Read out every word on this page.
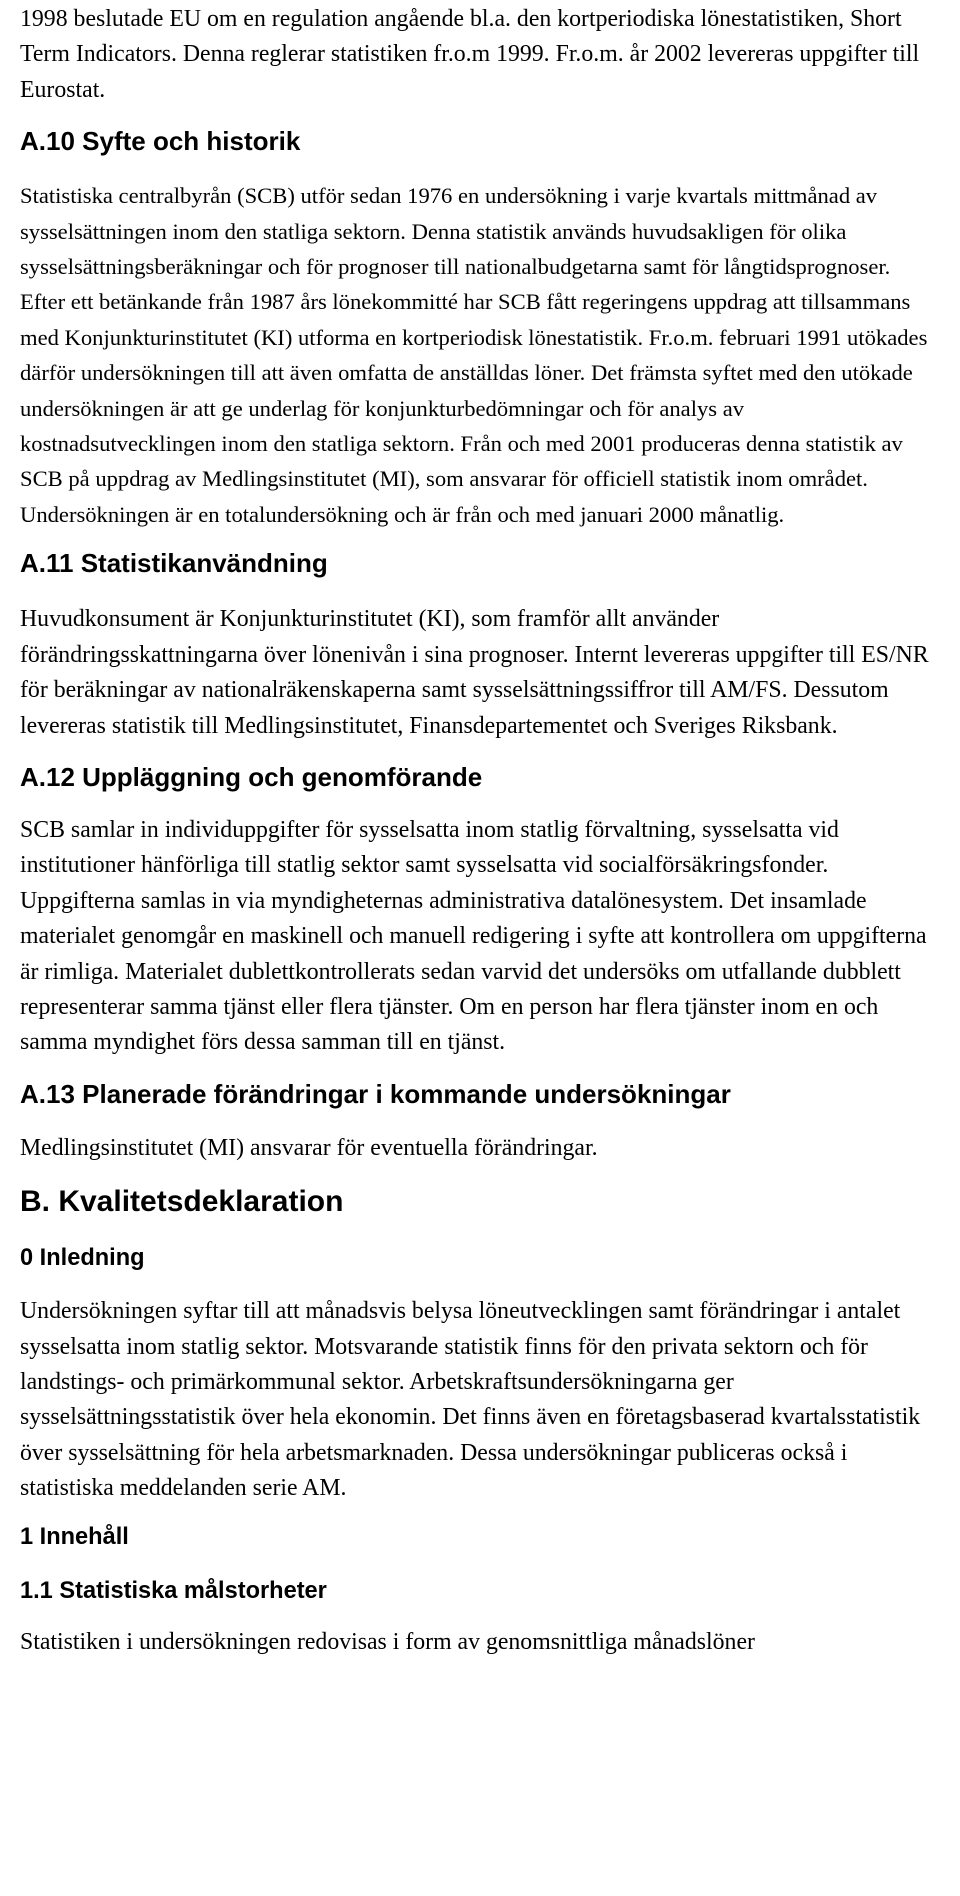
1998 beslutade EU om en regulation angående bl.a. den kortperiodiska lönestatistiken, Short Term Indicators. Denna reglerar statistiken fr.o.m 1999. Fr.o.m. år 2002 levereras uppgifter till Eurostat.

A.10 Syfte och historik

Statistiska centralbyrån (SCB) utför sedan 1976 en undersökning i varje kvartals mittmånad av sysselsättningen inom den statliga sektorn. Denna statistik används huvudsakligen för olika sysselsättningsberäkningar och för prognoser till nationalbudgetarna samt för långtidsprognoser. Efter ett betänkande från 1987 års lönekommitté har SCB fått regeringens uppdrag att tillsammans med Konjunkturinstitutet (KI) utforma en kortperiodisk lönestatistik. Fr.o.m. februari 1991 utökades därför undersökningen till att även omfatta de anställdas löner. Det främsta syftet med den utökade undersökningen är att ge underlag för konjunkturbedömningar och för analys av kostnadsutvecklingen inom den statliga sektorn. Från och med 2001 produceras denna statistik av SCB på uppdrag av Medlingsinstitutet (MI), som ansvarar för officiell statistik inom området. Undersökningen är en totalundersökning och är från och med januari 2000 månatlig.

A.11 Statistikanvändning

Huvudkonsument är Konjunkturinstitutet (KI), som framför allt använder förändringsskattningarna över lönenivån i sina prognoser. Internt levereras uppgifter till ES/NR för beräkningar av nationalräkenskaperna samt sysselsättningssiffror till AM/FS. Dessutom levereras statistik till Medlingsinstitutet, Finansdepartementet och Sveriges Riksbank.

A.12 Uppläggning och genomförande

SCB samlar in individuppgifter för sysselsatta inom statlig förvaltning, sysselsatta vid institutioner hänförliga till statlig sektor samt sysselsatta vid socialförsäkringsfonder. Uppgifterna samlas in via myndigheternas administrativa datalönesystem. Det insamlade materialet genomgår en maskinell och manuell redigering i syfte att kontrollera om uppgifterna är rimliga. Materialet dublettkontrollerats sedan varvid det undersöks om utfallande dubblett representerar samma tjänst eller flera tjänster. Om en person har flera tjänster inom en och samma myndighet förs dessa samman till en tjänst.

A.13 Planerade förändringar i kommande undersökningar

Medlingsinstitutet (MI) ansvarar för eventuella förändringar.

B. Kvalitetsdeklaration
0 Inledning

Undersökningen syftar till att månadsvis belysa löneutvecklingen samt förändringar i antalet sysselsatta inom statlig sektor. Motsvarande statistik finns för den privata sektorn och för landstings- och primärkommunal sektor. Arbetskraftsundersökningarna ger sysselsättningsstatistik över hela ekonomin. Det finns även en företagsbaserad kvartalsstatistik över sysselsättning för hela arbetsmarknaden. Dessa undersökningar publiceras också i statistiska meddelanden serie AM.

1 Innehåll
1.1 Statistiska målstorheter

Statistiken i undersökningen redovisas i form av genomsnittliga månadslöner
